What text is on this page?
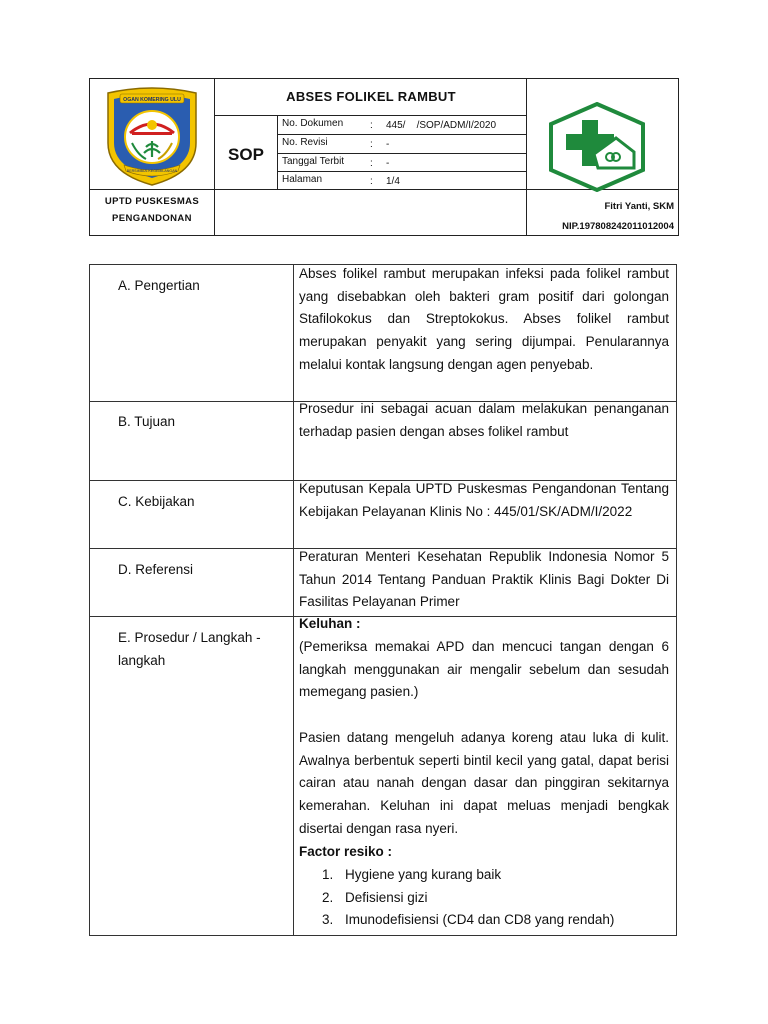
OGAN KOMERING ULU
BERSIMBUL KEGEMILANGAN
ABSES FOLIKEL RAMBUT
SOP
No. Dokumen	: 445/    /SOP/ADM/I/2020
No. Revisi	: -
Tanggal Terbit	: -
Halaman	: 1/4
UPTD PUSKESMAS
PENGANDONAN
Fitri Yanti, SKM
NIP.197808242011012004
A. Pengertian
Abses folikel rambut merupakan infeksi pada folikel rambut yang disebabkan oleh bakteri gram positif dari golongan Stafilokokus dan Streptokokus. Abses folikel rambut merupakan penyakit yang sering dijumpai. Penularannya melalui kontak langsung dengan agen penyebab.
B. Tujuan
Prosedur ini sebagai acuan dalam melakukan penanganan terhadap pasien dengan abses folikel rambut
C. Kebijakan
Keputusan Kepala UPTD Puskesmas Pengandonan Tentang Kebijakan Pelayanan Klinis No : 445/01/SK/ADM/I/2022
D. Referensi
Peraturan Menteri Kesehatan Republik Indonesia Nomor 5 Tahun 2014 Tentang Panduan Praktik Klinis Bagi Dokter Di Fasilitas Pelayanan Primer
E. Prosedur / Langkah - langkah
Keluhan :
(Pemeriksa memakai APD dan mencuci tangan dengan 6 langkah menggunakan air mengalir sebelum dan sesudah memegang pasien.)
Pasien datang mengeluh adanya koreng atau luka di kulit. Awalnya berbentuk seperti bintil kecil yang gatal, dapat berisi cairan atau nanah dengan dasar dan pinggiran sekitarnya kemerahan. Keluhan ini dapat meluas menjadi bengkak disertai dengan rasa nyeri.
Factor resiko :
1. Hygiene yang kurang baik
2. Defisiensi gizi
3. Imunodefisiensi (CD4 dan CD8 yang rendah)
